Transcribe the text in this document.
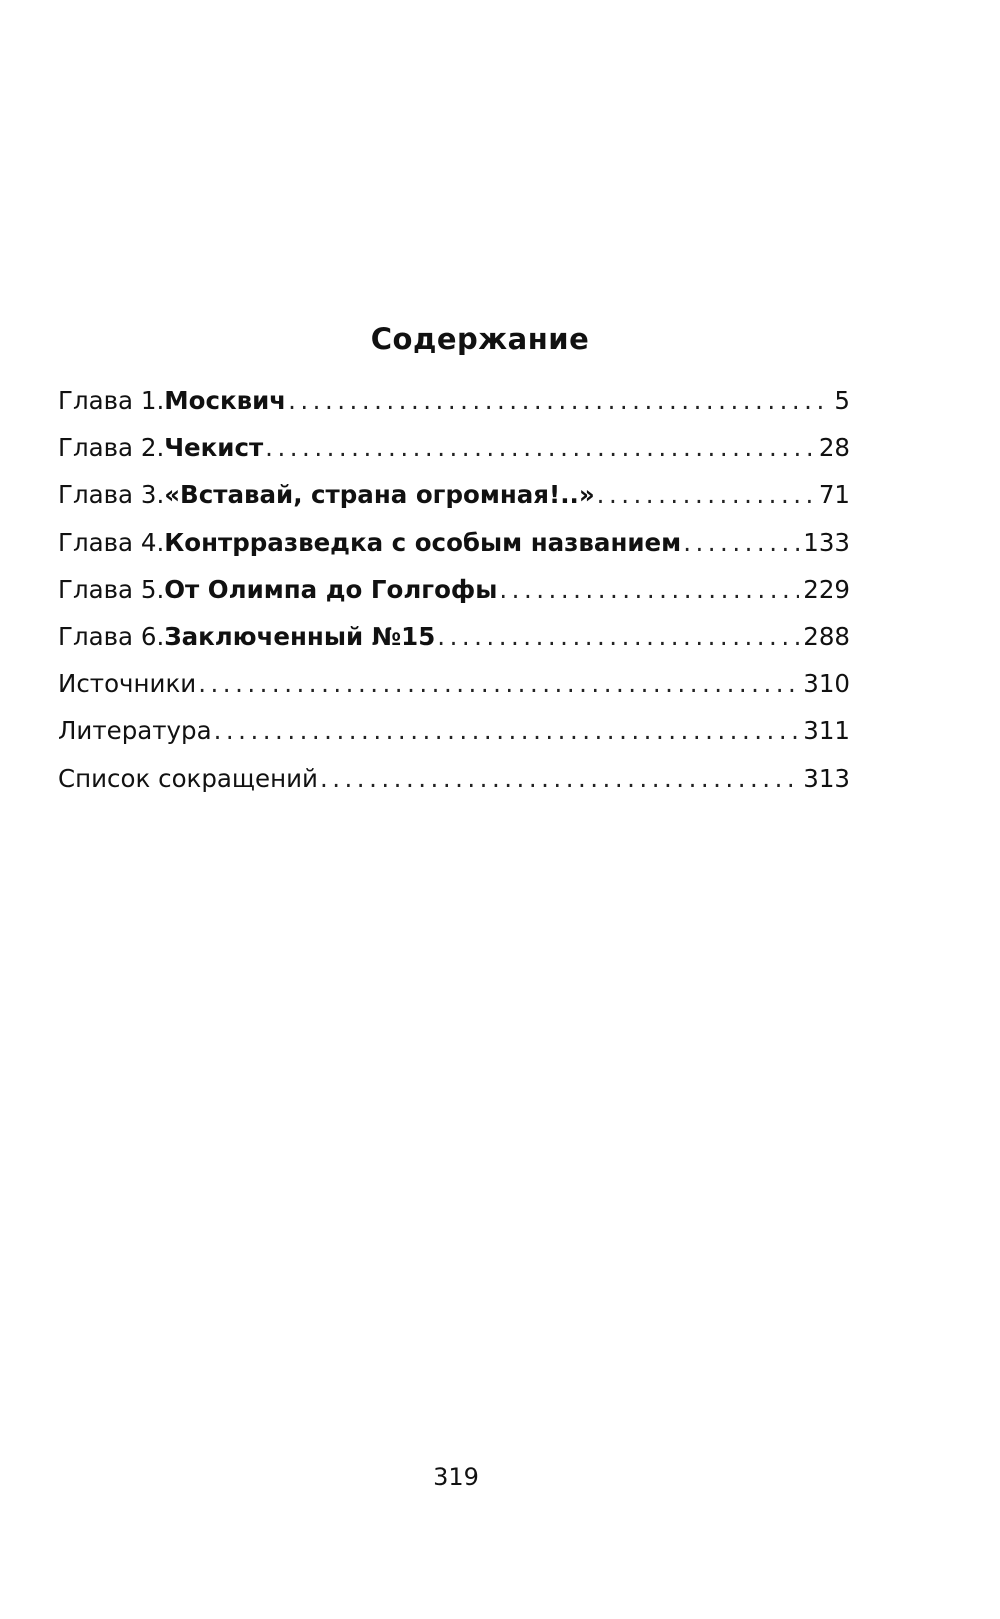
Содержание
Глава 1. Москвич .....	5
Глава 2. Чекист .....	28
Глава 3. «Вставай, страна огромная!..» .....	71
Глава 4. Контрразведка с особым названием .....	133
Глава 5. От Олимпа до Голгофы .....	229
Глава 6. Заключенный №15 .....	288
Источники .....	310
Литература .....	311
Список сокращений .....	313
319
